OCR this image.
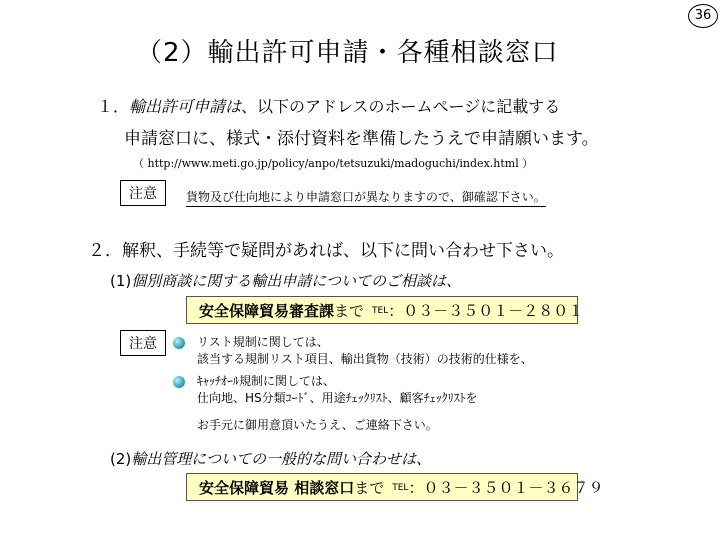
36
（2）輸出許可申請・各種相談窓口
１．輸出許可申請は、以下のアドレスのホームページに記載する
申請窓口に、様式・添付資料を準備したうえで申請願います。
（ http://www.meti.go.jp/policy/anpo/tetsuzuki/madoguchi/index.html ）
注意	貨物及び仕向地により申請窓口が異なりますので、御確認下さい。
２．解釈、手続等で疑問があれば、以下に問い合わせ下さい。
(1)個別商談に関する輸出申請についてのご相談は、
安全保障貿易審査課まで $^{TEL}$：０３－３５０１－２８０１
注意	リスト規制に関しては、
該当する規制リスト項目、輸出貨物（技術）の技術的仕様を、
ｷｬｯﾁｵｰﾙ規制に関しては、
仕向地、HS分類ｺｰﾄﾞ、用途ﾁｪｯｸﾘｽﾄ、顧客ﾁｪｯｸﾘｽﾄを
お手元に御用意頂いたうえ、ご連絡下さい。
(2)輸出管理についての一般的な問い合わせは、
安全保障貿易 相談窓口まで $^{TEL}$：０３－３５０１－３６７９
